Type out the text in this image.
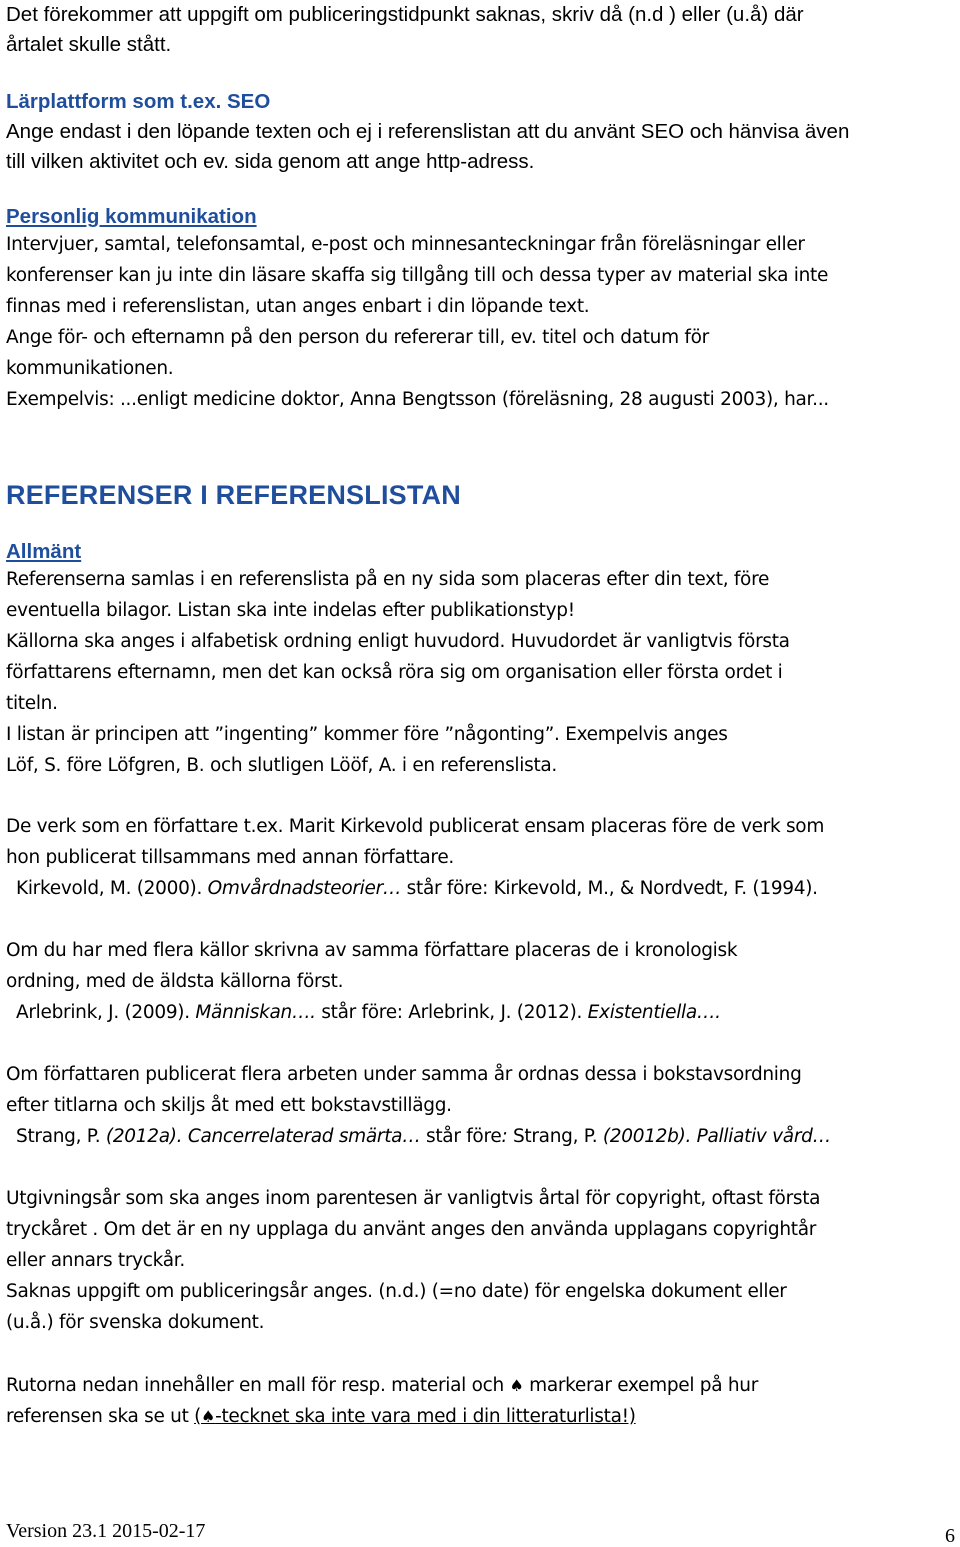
Det förekommer att uppgift om publiceringstidpunkt saknas, skriv då (n.d ) eller (u.å) där

årtalet skulle stått.

Lärplattform som t.ex. SEO

Ange endast i den löpande texten och ej i referenslistan att du använt SEO och hänvisa även

till vilken aktivitet och ev. sida genom att ange http-adress.

Personlig kommunikation

Intervjuer, samtal, telefonsamtal, e-post och minnesanteckningar från föreläsningar eller

konferenser kan ju inte din läsare skaffa sig tillgång till och dessa typer av material ska inte

finnas med i referenslistan, utan anges enbart i din löpande text.

Ange för- och efternamn på den person du refererar till, ev. titel och datum för

kommunikationen.

Exempelvis: ...enligt medicine doktor, Anna Bengtsson (föreläsning, 28 augusti 2003), har...

REFERENSER I REFERENSLISTAN

Allmänt

Referenserna samlas i en referenslista på en ny sida som placeras efter din text, före

eventuella bilagor. Listan ska inte indelas efter publikationstyp!

Källorna ska anges i alfabetisk ordning enligt huvudord. Huvudordet är vanligtvis första

författarens efternamn, men det kan också röra sig om organisation eller första ordet i

titeln.

I listan är principen att ”ingenting” kommer före ”någonting”. Exempelvis anges

Löf, S. före Löfgren, B. och slutligen Lööf, A. i en referenslista.

De verk som en författare t.ex. Marit Kirkevold publicerat ensam placeras före de verk som

hon publicerat tillsammans med annan författare.

Kirkevold, M. (2000). Omvårdnadsteorier… står före: Kirkevold, M., & Nordvedt, F. (1994).

Om du har med flera källor skrivna av samma författare placeras de i kronologisk

ordning, med de äldsta källorna först.

Arlebrink, J. (2009). Människan…. står före: Arlebrink, J. (2012). Existentiella….

Om författaren publicerat flera arbeten under samma år ordnas dessa i bokstavsordning

efter titlarna och skiljs åt med ett bokstavstillägg.

Strang, P. (2012a). Cancerrelaterad smärta… står före: Strang, P. (20012b). Palliativ vård…

Utgivningsår som ska anges inom parentesen är vanligtvis årtal för copyright, oftast första

tryckåret . Om det är en ny upplaga du använt anges den använda upplagans copyrightår

eller annars tryckår.

Saknas uppgift om publiceringsår anges. (n.d.) (=no date) för engelska dokument eller

(u.å.) för svenska dokument.

Rutorna nedan innehåller en mall för resp. material och ♠ markerar exempel på hur

referensen ska se ut (♠-tecknet ska inte vara med i din litteraturlista!)

Version 23.1 2015-02-17	6
